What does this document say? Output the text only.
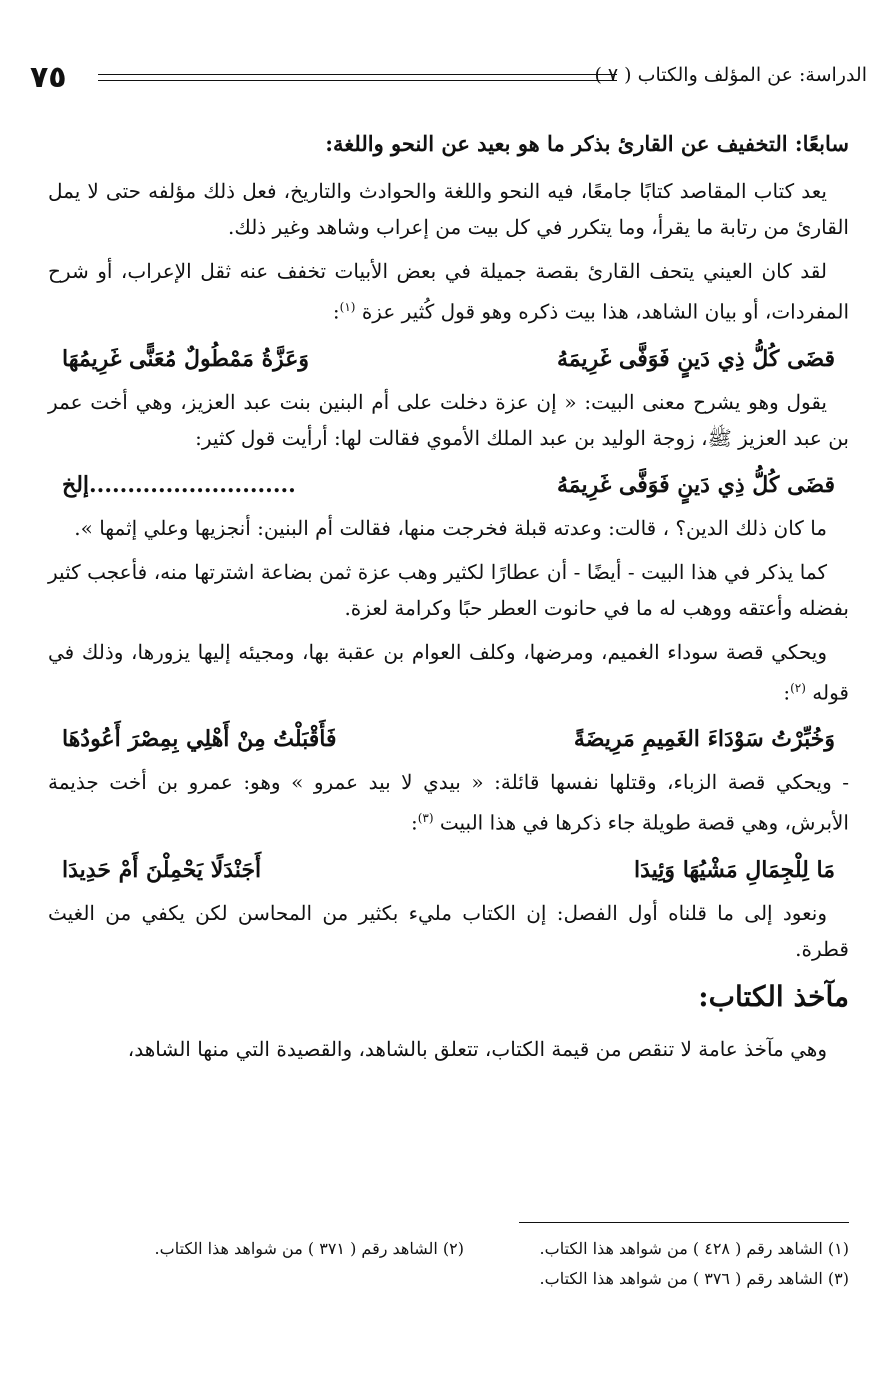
٧٥	الدراسة: عن المؤلف والكتاب ( ٧ )
سابعًا: التخفيف عن القارئ بذكر ما هو بعيد عن النحو واللغة:

يعد كتاب المقاصد كتابًا جامعًا، فيه النحو واللغة والحوادث والتاريخ، فعل ذلك مؤلفه حتى لا يمل القارئ من رتابة ما يقرأ، وما يتكرر في كل بيت من إعراب وشاهد وغير ذلك.

لقد كان العيني يتحف القارئ بقصة جميلة في بعض الأبيات تخفف عنه ثقل الإعراب، أو شرح المفردات، أو بيان الشاهد، هذا بيت ذكره وهو قول كُثير عزة $^{(١)}$:

قضَى كُلُّ ذِي دَينٍ فَوَفَّى غَرِيمَهُ
وَعَزَّةُ مَمْطُولٌ مُعَنًّى غَرِيمُهَا

يقول وهو يشرح معنى البيت: « إن عزة دخلت على أم البنين بنت عبد العزيز، وهي أخت عمر بن عبد العزيز ﷺ، زوجة الوليد بن عبد الملك الأموي فقالت لها: أرأيت قول كثير:

قضَى كُلُّ ذِي دَينٍ فَوَفَّى غَرِيمَهُ
...........................إلخ

ما كان ذلك الدين؟ ، قالت: وعدته قبلة فخرجت منها، فقالت أم البنين: أنجزيها وعلي إثمها ».

كما يذكر في هذا البيت - أيضًا - أن عطارًا لكثير وهب عزة ثمن بضاعة اشترتها منه، فأعجب كثير بفضله وأعتقه ووهب له ما في حانوت العطر حبًا وكرامة لعزة.

ويحكي قصة سوداء الغميم، ومرضها، وكلف العوام بن عقبة بها، ومجيئه إليها يزورها، وذلك في قوله $^{(٢)}$:

وَخُبِّرْتُ سَوْدَاءَ الغَمِيمِ مَرِيضَةً
فَأَقْبَلْتُ مِنْ أَهْلِي بِمِصْرَ أَعُودُهَا

- ويحكي قصة الزباء، وقتلها نفسها قائلة: « بيدي لا بيد عمرو » وهو: عمرو بن أخت جذيمة الأبرش، وهي قصة طويلة جاء ذكرها في هذا البيت $^{(٣)}$:

مَا لِلْجِمَالِ مَشْيُهَا وَئِيدَا
أَجَنْدَلًا يَحْمِلْنَ أَمْ حَدِيدَا

ونعود إلى ما قلناه أول الفصل: إن الكتاب مليء بكثير من المحاسن لكن يكفي من الغيث قطرة.

مآخذ الكتاب:

وهي مآخذ عامة لا تنقص من قيمة الكتاب، تتعلق بالشاهد، والقصيدة التي منها الشاهد،

(١) الشاهد رقم ( ٤٢٨ ) من شواهد هذا الكتاب.
(٢) الشاهد رقم ( ٣٧١ ) من شواهد هذا الكتاب.
(٣) الشاهد رقم ( ٣٧٦ ) من شواهد هذا الكتاب.
